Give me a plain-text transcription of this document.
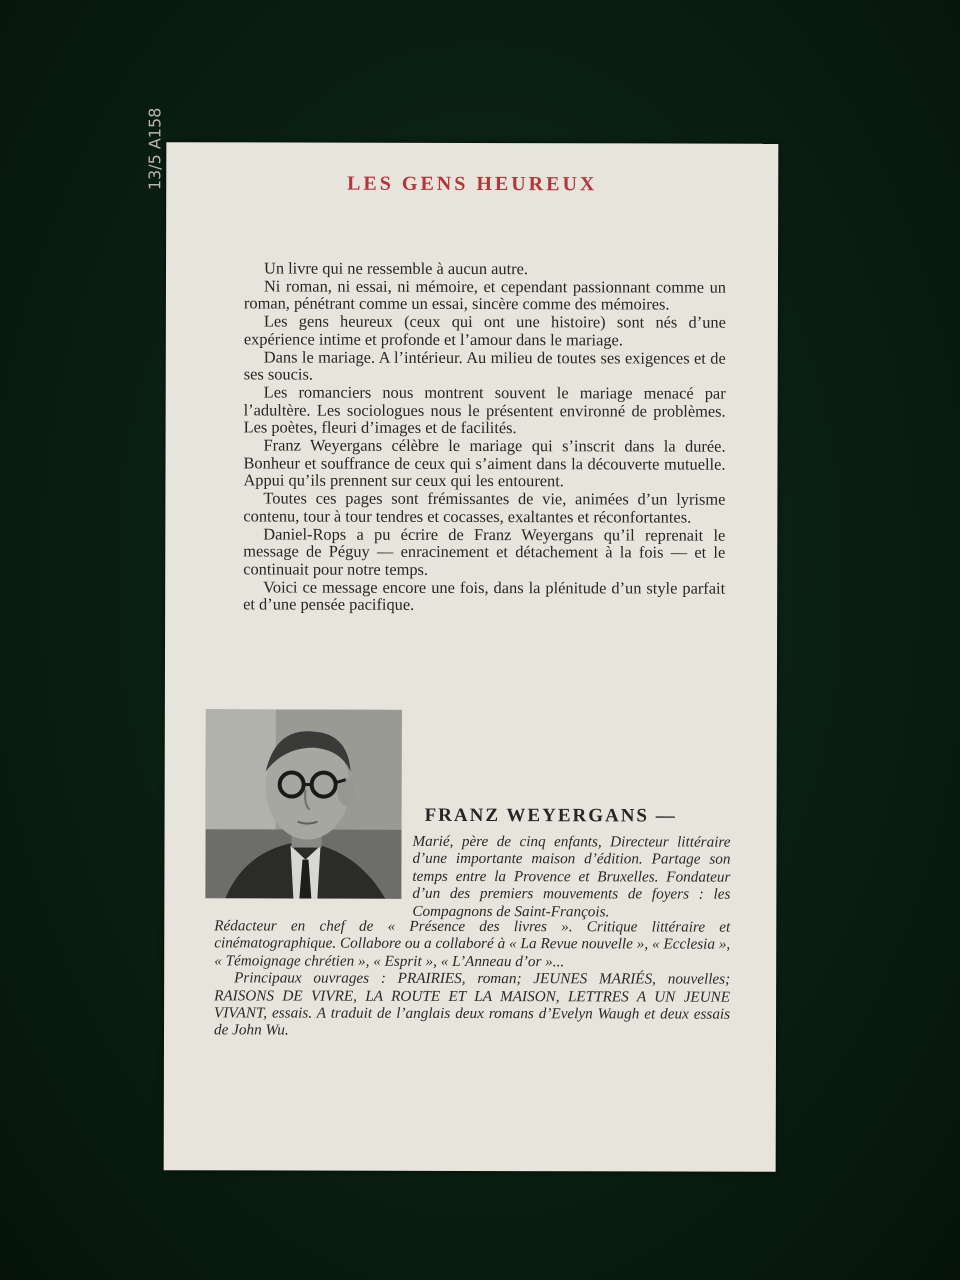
13/5 A158	LES GENS HEUREUX

Un livre qui ne ressemble à aucun autre.

Ni roman, ni essai, ni mémoire, et cependant passionnant comme un roman, pénétrant comme un essai, sincère comme des mémoires.

Les gens heureux (ceux qui ont une histoire) sont nés d’une expérience intime et profonde et l’amour dans le mariage.

Dans le mariage. A l’intérieur. Au milieu de toutes ses exigences et de ses soucis.

Les romanciers nous montrent souvent le mariage menacé par l’adultère. Les sociologues nous le présentent environné de problèmes. Les poètes, fleuri d’images et de facilités.

Franz Weyergans célèbre le mariage qui s’inscrit dans la durée. Bonheur et souffrance de ceux qui s’aiment dans la découverte mutuelle. Appui qu’ils prennent sur ceux qui les entourent.

Toutes ces pages sont frémissantes de vie, animées d’un lyrisme contenu, tour à tour tendres et cocasses, exaltantes et réconfortantes.

Daniel-Rops a pu écrire de Franz Weyergans qu’il reprenait le message de Péguy — enracinement et détachement à la fois — et le continuait pour notre temps.

Voici ce message encore une fois, dans la plénitude d’un style parfait et d’une pensée pacifique.

FRANZ WEYERGANS —

Marié, père de cinq enfants, Directeur littéraire d’une importante maison d’édition. Partage son temps entre la Provence et Bruxelles. Fondateur d’un des premiers mouvements de foyers : les Compagnons de Saint-François.

Rédacteur en chef de « Présence des livres ». Critique littéraire et cinématographique. Collabore ou a collaboré à « La Revue nouvelle », « Ecclesia », « Témoignage chrétien », « Esprit », « L’Anneau d’or »...

Principaux ouvrages : PRAIRIES, roman; JEUNES MARIÉS, nouvelles; RAISONS DE VIVRE, LA ROUTE ET LA MAISON, LETTRES A UN JEUNE VIVANT, essais. A traduit de l’anglais deux romans d’Evelyn Waugh et deux essais de John Wu.
